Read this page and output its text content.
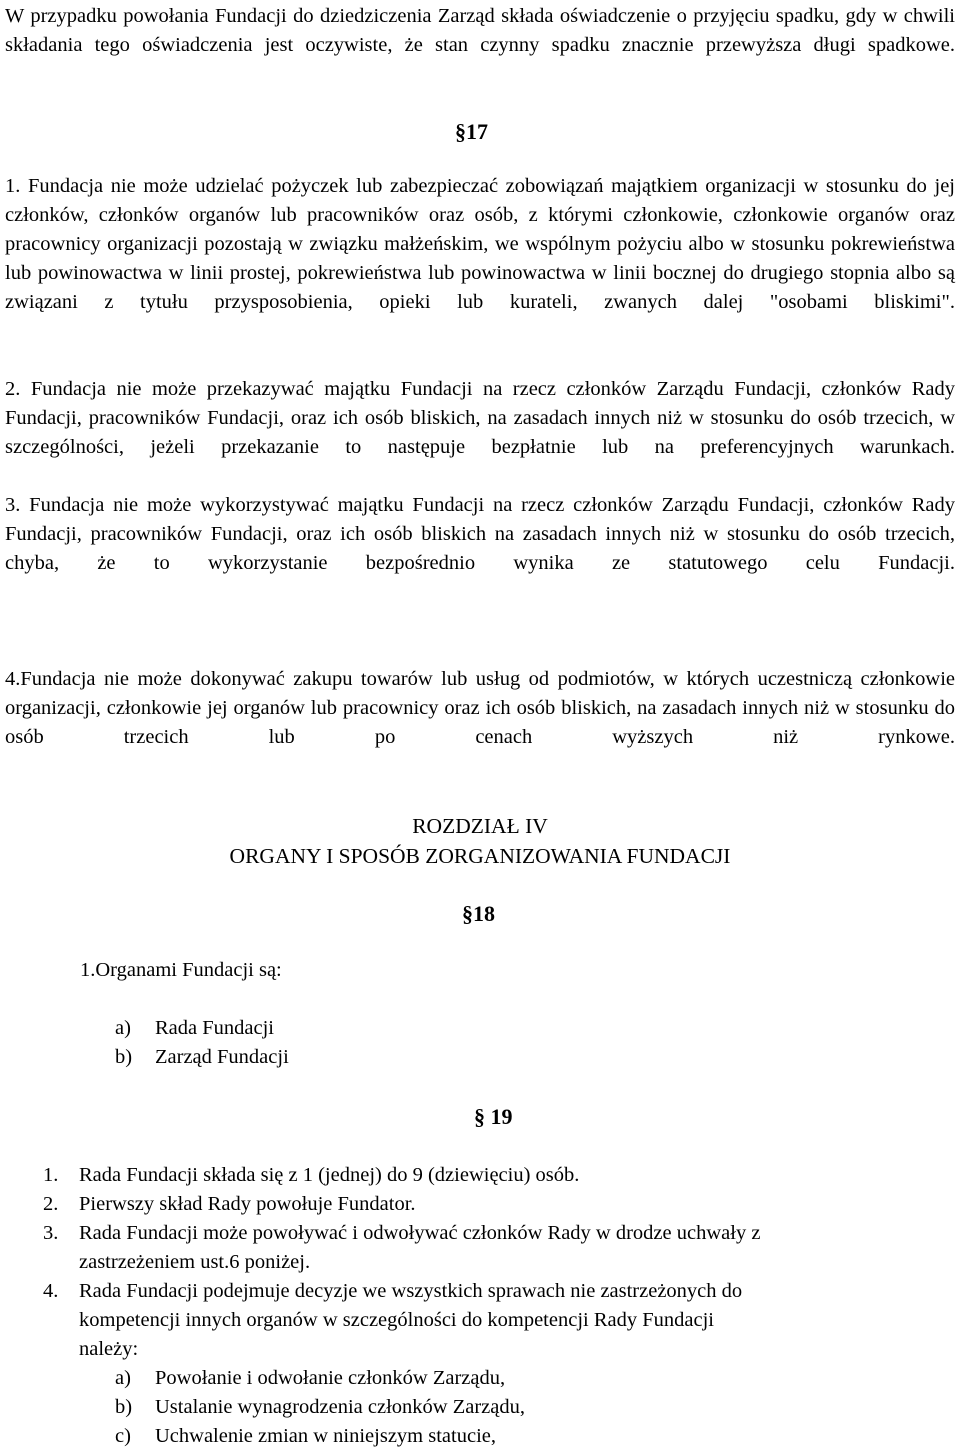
W przypadku powołania Fundacji do dziedziczenia Zarząd składa oświadczenie o przyjęciu spadku, gdy w chwili składania tego oświadczenia jest oczywiste, że stan czynny spadku znacznie przewyższa długi spadkowe.

§17

1. Fundacja nie może udzielać pożyczek lub zabezpieczać zobowiązań majątkiem organizacji w stosunku do jej członków, członków organów lub pracowników oraz osób, z którymi członkowie, członkowie organów oraz pracownicy organizacji pozostają w związku małżeńskim, we wspólnym pożyciu albo w stosunku pokrewieństwa lub powinowactwa w linii prostej, pokrewieństwa lub powinowactwa w linii bocznej do drugiego stopnia albo są związani z tytułu przysposobienia, opieki lub kurateli, zwanych dalej "osobami bliskimi".

2. Fundacja nie może przekazywać majątku Fundacji na rzecz członków Zarządu Fundacji, członków Rady Fundacji, pracowników Fundacji, oraz ich osób bliskich, na zasadach innych niż w stosunku do osób trzecich, w szczególności, jeżeli przekazanie to następuje bezpłatnie lub na preferencyjnych warunkach.

3. Fundacja nie może wykorzystywać majątku Fundacji na rzecz członków Zarządu Fundacji, członków Rady Fundacji, pracowników Fundacji, oraz ich osób bliskich na zasadach innych niż w stosunku do osób trzecich, chyba, że to wykorzystanie bezpośrednio wynika ze statutowego celu Fundacji.

4.Fundacja nie może dokonywać zakupu towarów lub usług od podmiotów, w których uczestniczą członkowie organizacji, członkowie jej organów lub pracownicy oraz ich osób bliskich, na zasadach innych niż w stosunku do osób trzecich lub po cenach wyższych niż rynkowe.

ROZDZIAŁ IV

ORGANY I SPOSÓB ZORGANIZOWANIA FUNDACJI

§18

1.Organami Fundacji są:

a) Rada Fundacji
b) Zarząd Fundacji

§ 19

1. Rada Fundacji składa się z 1 (jednej) do 9 (dziewięciu) osób.
2. Pierwszy skład Rady powołuje Fundator.
3. Rada Fundacji może powoływać i odwoływać członków Rady w drodze uchwały z
zastrzeżeniem ust.6 poniżej.
4. Rada Fundacji podejmuje decyzje we wszystkich sprawach nie zastrzeżonych do
kompetencji innych organów w szczególności do kompetencji Rady Fundacji
należy:
a) Powołanie i odwołanie członków Zarządu,
b) Ustalanie wynagrodzenia członków Zarządu,
c) Uchwalenie zmian w niniejszym statucie,
